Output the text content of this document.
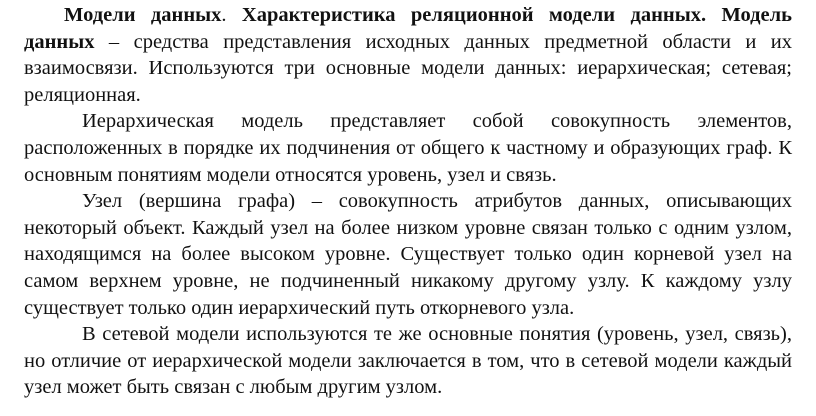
Модели данных. Характеристика реляционной модели данных. Модель данных – средства представления исходных данных предметной области и их взаимосвязи. Используются три основные модели данных: иерархическая; сетевая; реляционная.

Иерархическая модель представляет собой совокупность элементов, расположенных в порядке их подчинения от общего к частному и образующих граф. К основным понятиям модели относятся уровень, узел и связь.

Узел (вершина графа) – совокупность атрибутов данных, описывающих некоторый объект. Каждый узел на более низком уровне связан только с одним узлом, находящимся на более высоком уровне. Существует только один корневой узел на самом верхнем уровне, не подчиненный никакому другому узлу. К каждому узлу существует только один иерархический путь откорневого узла.

В сетевой модели используются те же основные понятия (уровень, узел, связь), но отличие от иерархической модели заключается в том, что в сетевой модели каждый узел может быть связан с любым другим узлом.
